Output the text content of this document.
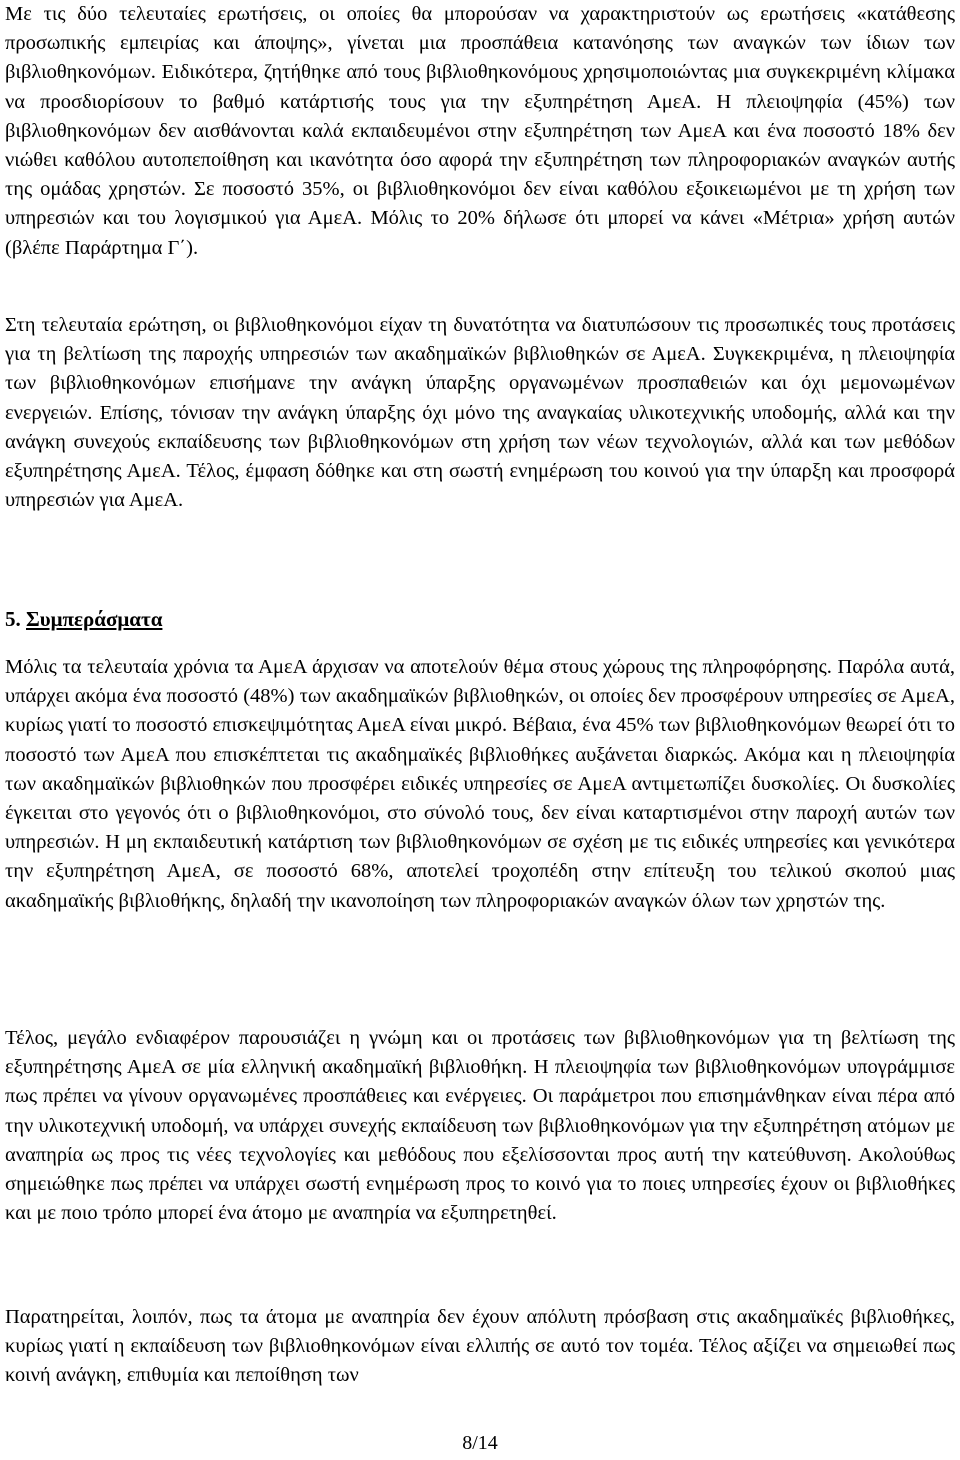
Με τις δύο τελευταίες ερωτήσεις, οι οποίες θα μπορούσαν να χαρακτηριστούν ως ερωτήσεις «κατάθεσης προσωπικής εμπειρίας και άποψης», γίνεται μια προσπάθεια κατανόησης των αναγκών των ίδιων των βιβλιοθηκονόμων. Ειδικότερα, ζητήθηκε από τους βιβλιοθηκονόμους χρησιμοποιώντας μια συγκεκριμένη κλίμακα να προσδιορίσουν το βαθμό κατάρτισής τους για την εξυπηρέτηση ΑμεΑ. Η πλειοψηφία (45%) των βιβλιοθηκονόμων δεν αισθάνονται καλά εκπαιδευμένοι στην εξυπηρέτηση των ΑμεΑ και ένα ποσοστό 18% δεν νιώθει καθόλου αυτοπεποίθηση και ικανότητα όσο αφορά την εξυπηρέτηση των πληροφοριακών αναγκών αυτής της ομάδας χρηστών. Σε ποσοστό 35%, οι βιβλιοθηκονόμοι δεν είναι καθόλου εξοικειωμένοι με τη χρήση των υπηρεσιών και του λογισμικού για ΑμεΑ. Μόλις το 20% δήλωσε ότι μπορεί να κάνει «Μέτρια» χρήση αυτών (βλέπε Παράρτημα Γ΄).

Στη τελευταία ερώτηση, οι βιβλιοθηκονόμοι είχαν τη δυνατότητα να διατυπώσουν τις προσωπικές τους προτάσεις για τη βελτίωση της παροχής υπηρεσιών των ακαδημαϊκών βιβλιοθηκών σε ΑμεΑ. Συγκεκριμένα, η πλειοψηφία των βιβλιοθηκονόμων επισήμανε την ανάγκη ύπαρξης οργανωμένων προσπαθειών και όχι μεμονωμένων ενεργειών. Επίσης, τόνισαν την ανάγκη ύπαρξης όχι μόνο της αναγκαίας υλικοτεχνικής υποδομής, αλλά και την ανάγκη συνεχούς εκπαίδευσης των βιβλιοθηκονόμων στη χρήση των νέων τεχνολογιών, αλλά και των μεθόδων εξυπηρέτησης ΑμεΑ. Τέλος, έμφαση δόθηκε και στη σωστή ενημέρωση του κοινού για την ύπαρξη και προσφορά υπηρεσιών για ΑμεΑ.

5. Συμπεράσματα

Μόλις τα τελευταία χρόνια τα ΑμεΑ άρχισαν να αποτελούν θέμα στους χώρους της πληροφόρησης. Παρόλα αυτά, υπάρχει ακόμα ένα ποσοστό (48%) των ακαδημαϊκών βιβλιοθηκών, οι οποίες δεν προσφέρουν υπηρεσίες σε ΑμεΑ, κυρίως γιατί το ποσοστό επισκεψιμότητας ΑμεΑ είναι μικρό. Βέβαια, ένα 45% των βιβλιοθηκονόμων θεωρεί ότι το ποσοστό των ΑμεΑ που επισκέπτεται τις ακαδημαϊκές βιβλιοθήκες αυξάνεται διαρκώς. Ακόμα και η πλειοψηφία των ακαδημαϊκών βιβλιοθηκών που προσφέρει ειδικές υπηρεσίες σε ΑμεΑ αντιμετωπίζει δυσκολίες. Οι δυσκολίες έγκειται στο γεγονός ότι ο βιβλιοθηκονόμοι, στο σύνολό τους, δεν είναι καταρτισμένοι στην παροχή αυτών των υπηρεσιών. Η μη εκπαιδευτική κατάρτιση των βιβλιοθηκονόμων σε σχέση με τις ειδικές υπηρεσίες και γενικότερα την εξυπηρέτηση ΑμεΑ, σε ποσοστό 68%, αποτελεί τροχοπέδη στην επίτευξη του τελικού σκοπού μιας ακαδημαϊκής βιβλιοθήκης, δηλαδή την ικανοποίηση των πληροφοριακών αναγκών όλων των χρηστών της.

Τέλος, μεγάλο ενδιαφέρον παρουσιάζει η γνώμη και οι προτάσεις των βιβλιοθηκονόμων για τη βελτίωση της εξυπηρέτησης ΑμεΑ σε μία ελληνική ακαδημαϊκή βιβλιοθήκη. Η πλειοψηφία των βιβλιοθηκονόμων υπογράμμισε πως πρέπει να γίνουν οργανωμένες προσπάθειες και ενέργειες. Οι παράμετροι που επισημάνθηκαν είναι πέρα από την υλικοτεχνική υποδομή, να υπάρχει συνεχής εκπαίδευση των βιβλιοθηκονόμων για την εξυπηρέτηση ατόμων με αναπηρία ως προς τις νέες τεχνολογίες και μεθόδους που εξελίσσονται προς αυτή την κατεύθυνση. Ακολούθως σημειώθηκε πως πρέπει να υπάρχει σωστή ενημέρωση προς το κοινό για το ποιες υπηρεσίες έχουν οι βιβλιοθήκες και με ποιο τρόπο μπορεί ένα άτομο με αναπηρία να εξυπηρετηθεί.

Παρατηρείται, λοιπόν, πως τα άτομα με αναπηρία δεν έχουν απόλυτη πρόσβαση στις ακαδημαϊκές βιβλιοθήκες, κυρίως γιατί η εκπαίδευση των βιβλιοθηκονόμων είναι ελλιπής σε αυτό τον τομέα. Τέλος αξίζει να σημειωθεί πως κοινή ανάγκη, επιθυμία και πεποίθηση των

8/14
